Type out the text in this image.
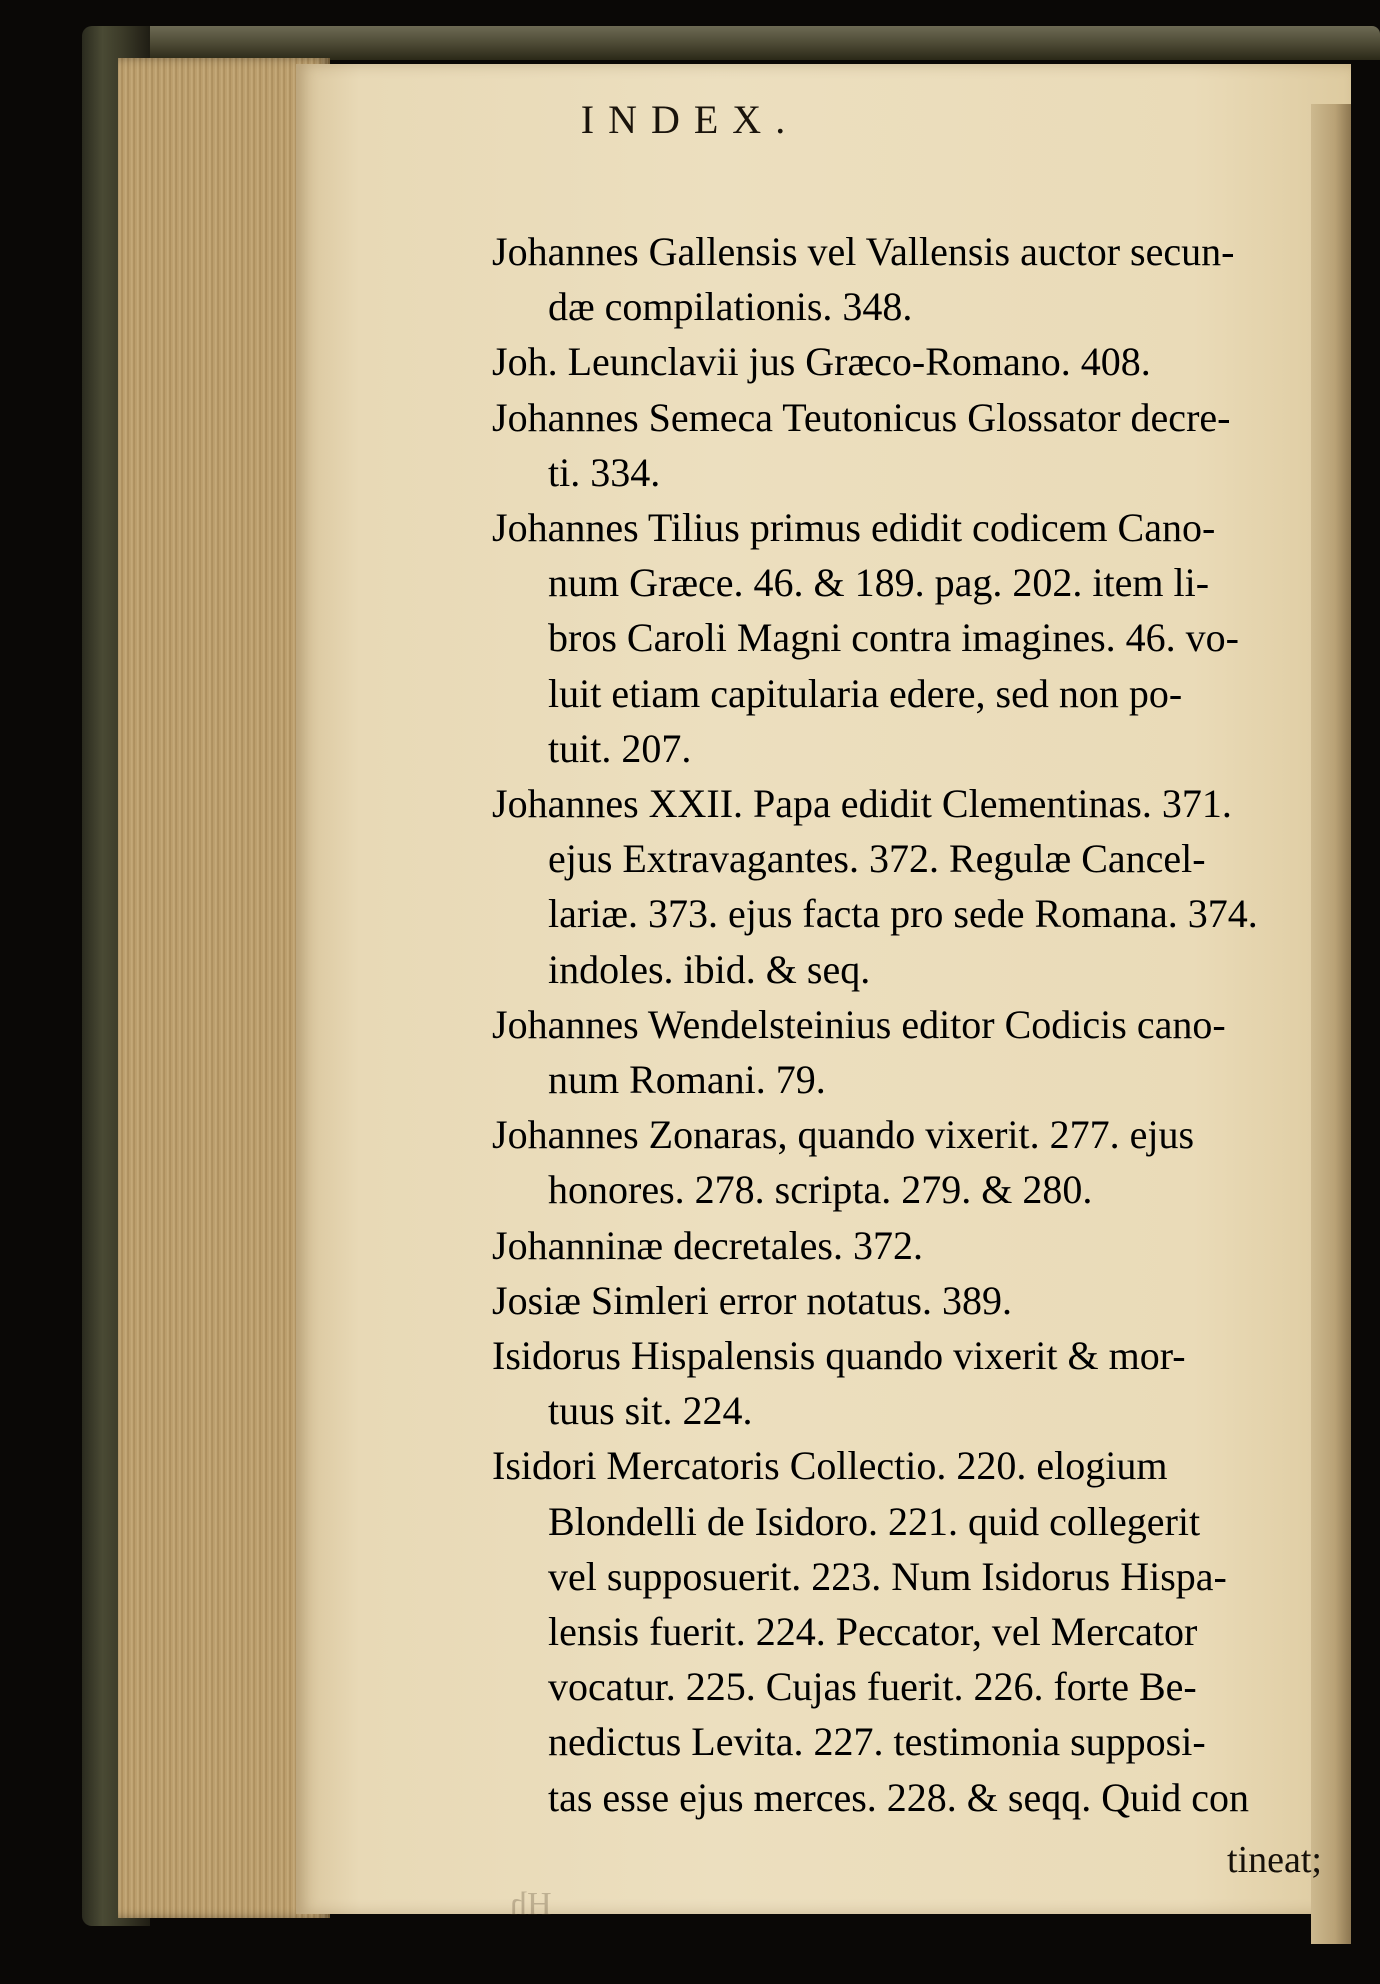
INDEX.
Johannes Gallensis vel Vallensis auctor secun-
dæ compilationis. 348.
Joh. Leunclavii jus Græco-Romano. 408.
Johannes Semeca Teutonicus Glossator decre-
ti. 334.
Johannes Tilius primus edidit codicem Cano-
num Græce. 46. & 189. pag. 202. item li-
bros Caroli Magni contra imagines. 46. vo-
luit etiam capitularia edere, sed non po-
tuit. 207.
Johannes XXII. Papa edidit Clementinas. 371.
ejus Extravagantes. 372. Regulæ Cancel-
lariæ. 373. ejus facta pro sede Romana. 374.
indoles. ibid. & seq.
Johannes Wendelsteinius editor Codicis cano-
num Romani. 79.
Johannes Zonaras, quando vixerit. 277. ejus
honores. 278. scripta. 279. & 280.
Johanninæ decretales. 372.
Josiæ Simleri error notatus. 389.
Isidorus Hispalensis quando vixerit & mor-
tuus sit. 224.
Isidori Mercatoris Collectio. 220. elogium
Blondelli de Isidoro. 221. quid collegerit
vel supposuerit. 223. Num Isidorus Hispa-
lensis fuerit. 224. Peccator, vel Mercator
vocatur. 225. Cujas fuerit. 226. forte Be-
nedictus Levita. 227. testimonia supposi-
tas esse ejus merces. 228. & seqq. Quid con
tineat;
Hh
